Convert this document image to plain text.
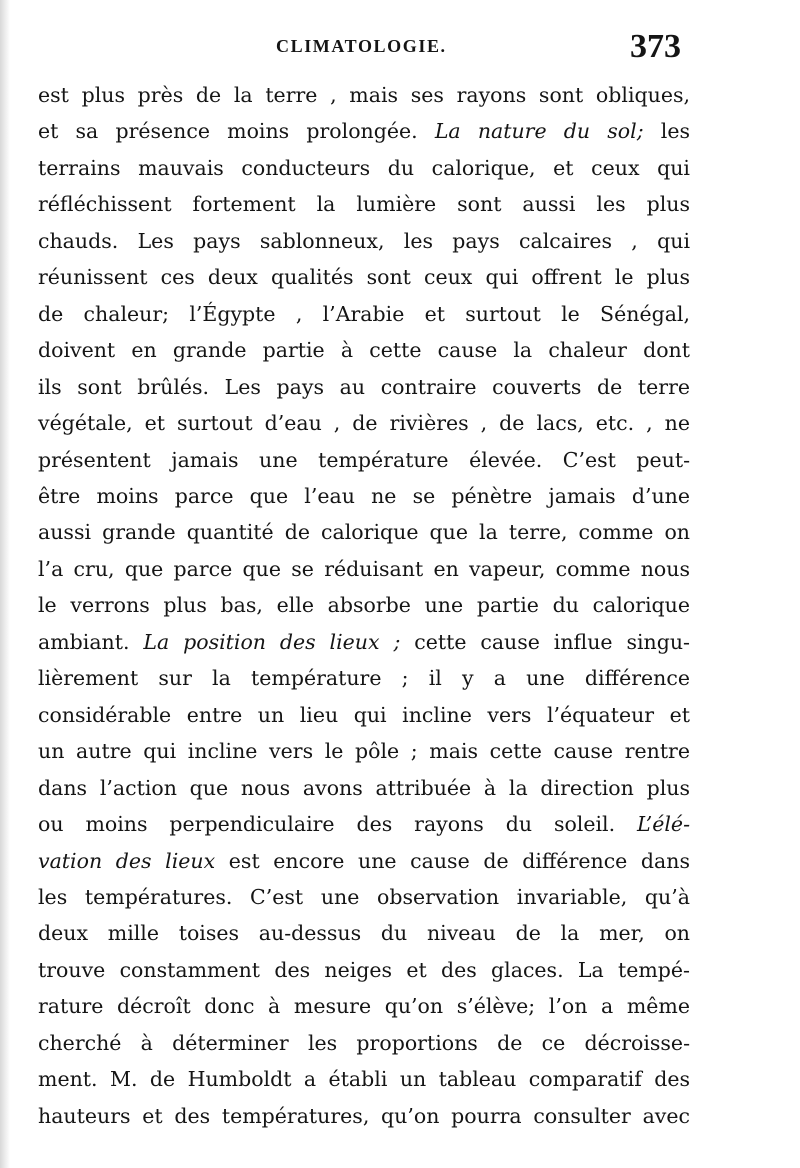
CLIMATOLOGIE.	373
est plus près de la terre , mais ses rayons sont obliques,
et sa présence moins prolongée. La nature du sol; les
terrains mauvais conducteurs du calorique, et ceux qui
réfléchissent fortement la lumière sont aussi les plus
chauds. Les pays sablonneux, les pays calcaires , qui
réunissent ces deux qualités sont ceux qui offrent le plus
de chaleur; l’Égypte , l’Arabie et surtout le Sénégal,
doivent en grande partie à cette cause la chaleur dont
ils sont brûlés. Les pays au contraire couverts de terre
végétale, et surtout d’eau , de rivières , de lacs, etc. , ne
présentent jamais une température élevée. C’est peut-
être moins parce que l’eau ne se pénètre jamais d’une
aussi grande quantité de calorique que la terre, comme on
l’a cru, que parce que se réduisant en vapeur, comme nous
le verrons plus bas, elle absorbe une partie du calorique
ambiant. La position des lieux ; cette cause influe singu-
lièrement sur la température ; il y a une différence
considérable entre un lieu qui incline vers l’équateur et
un autre qui incline vers le pôle ; mais cette cause rentre
dans l’action que nous avons attribuée à la direction plus
ou moins perpendiculaire des rayons du soleil. L’élé-
vation des lieux est encore une cause de différence dans
les températures. C’est une observation invariable, qu’à
deux mille toises au-dessus du niveau de la mer, on
trouve constamment des neiges et des glaces. La tempé-
rature décroît donc à mesure qu’on s’élève; l’on a même
cherché à déterminer les proportions de ce décroisse-
ment. M. de Humboldt a établi un tableau comparatif des
hauteurs et des températures, qu’on pourra consulter avec
